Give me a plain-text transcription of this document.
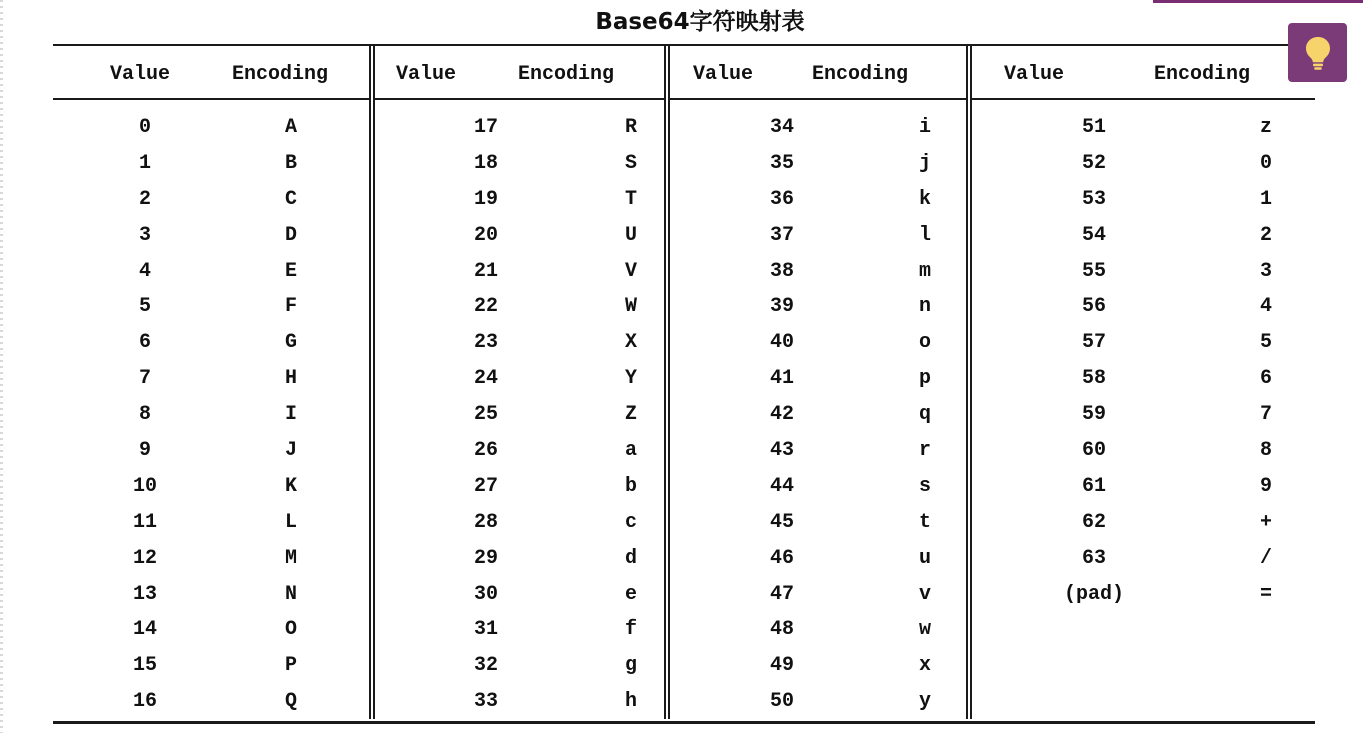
Base64字符映射表
Value	Encoding
0	A
1	B
2	C
3	D
4	E
5	F
6	G
7	H
8	I
9	J
10	K
11	L
12	M
13	N
14	O
15	P
16	Q
Value	Encoding
17	R
18	S
19	T
20	U
21	V
22	W
23	X
24	Y
25	Z
26	a
27	b
28	c
29	d
30	e
31	f
32	g
33	h
Value	Encoding
34	i
35	j
36	k
37	l
38	m
39	n
40	o
41	p
42	q
43	r
44	s
45	t
46	u
47	v
48	w
49	x
50	y
Value	Encoding
51	z
52	0
53	1
54	2
55	3
56	4
57	5
58	6
59	7
60	8
61	9
62	+
63	/
(pad)	=
